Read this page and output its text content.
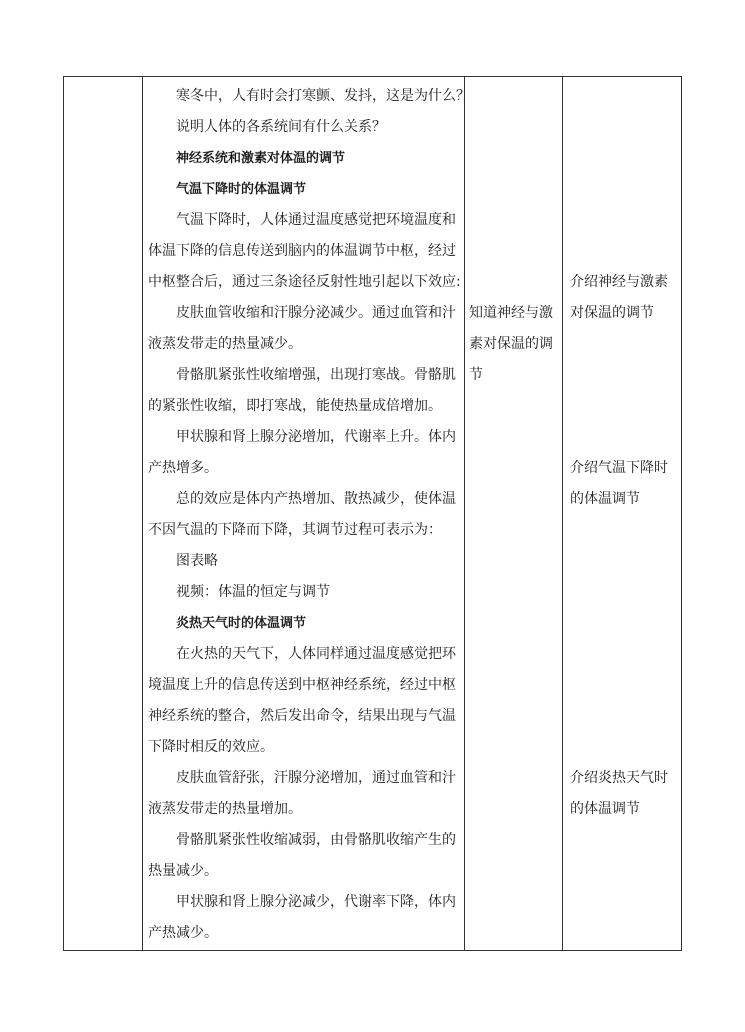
寒冬中，人有时会打寒颤、发抖，这是为什么？
说明人体的各系统间有什么关系？
神经系统和激素对体温的调节
气温下降时的体温调节
气温下降时，人体通过温度感觉把环境温度和
体温下降的信息传送到脑内的体温调节中枢，经过
中枢整合后，通过三条途径反射性地引起以下效应:
皮肤血管收缩和汗腺分泌减少。通过血管和汁
液蒸发带走的热量减少。
骨骼肌紧张性收缩增强，出现打寒战。骨骼肌
的紧张性收缩，即打寒战，能使热量成倍增加。
甲状腺和肾上腺分泌增加，代谢率上升。体内
产热增多。
总的效应是体内产热增加、散热减少，使体温
不因气温的下降而下降，其调节过程可表示为：
图表略
视频：体温的恒定与调节
炎热天气时的体温调节
在火热的天气下，人体同样通过温度感觉把环
境温度上升的信息传送到中枢神经系统，经过中枢
神经系统的整合，然后发出命令，结果出现与气温
下降时相反的效应。
皮肤血管舒张，汗腺分泌增加，通过血管和汁
液蒸发带走的热量增加。
骨骼肌紧张性收缩减弱，由骨骼肌收缩产生的
热量减少。
甲状腺和肾上腺分泌减少，代谢率下降，体内
产热减少。
知道神经与激
素对保温的调
节
介绍神经与激素
对保温的调节
介绍气温下降时
的体温调节
介绍炎热天气时
的体温调节
